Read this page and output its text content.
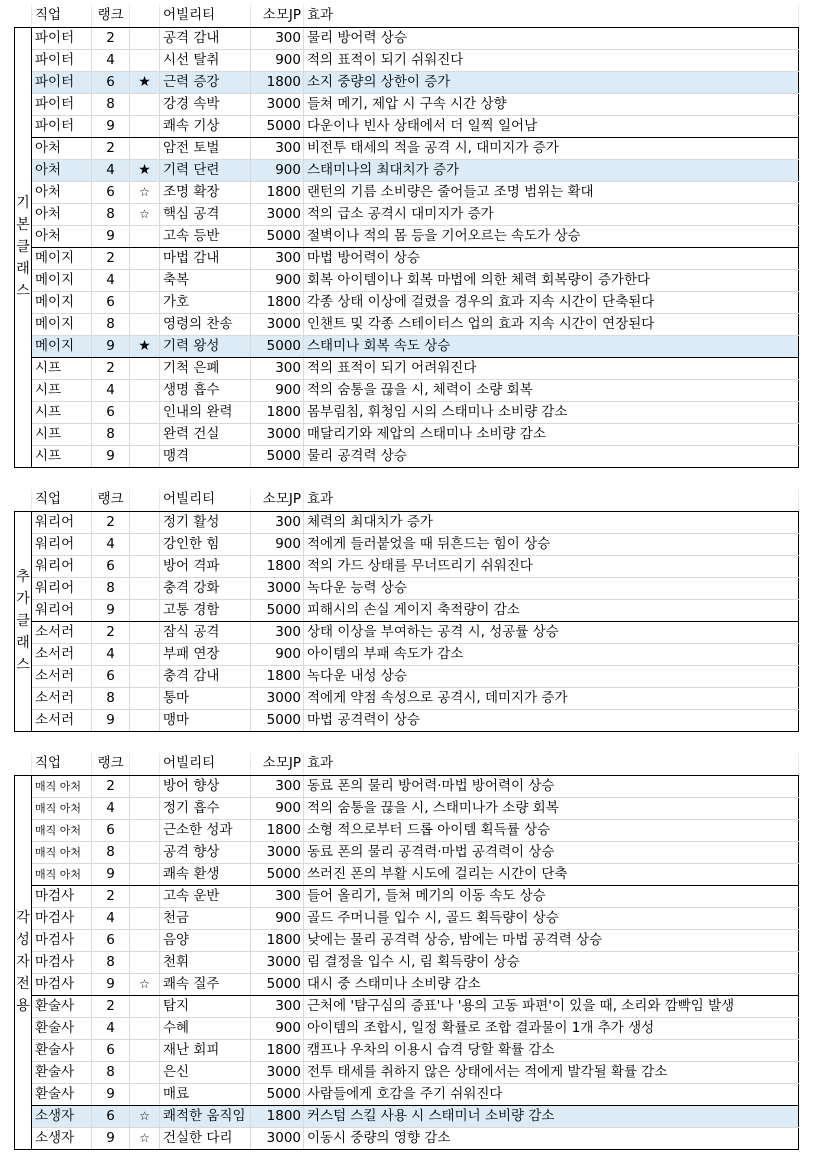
	직업	랭크		어빌리티	소모JP	효과

기
본
클
래
스	파이터	2		공격 감내	300	물리 방어력 상승
	파이터	4		시선 탈취	900	적의 표적이 되기 쉬워진다
	파이터	6	★	근력 증강	1800	소지 중량의 상한이 증가
	파이터	8		강경 속박	3000	들쳐 메기, 제압 시 구속 시간 상향
	파이터	9		쾌속 기상	5000	다운이나 빈사 상태에서 더 일찍 일어남
	아처	2		암전 토벌	300	비전투 태세의 적을 공격 시, 대미지가 증가
	아처	4	★	기력 단련	900	스태미나의 최대치가 증가
	아처	6	☆	조명 확장	1800	랜턴의 기름 소비량은 줄어들고 조명 범위는 확대
	아처	8	☆	핵심 공격	3000	적의 급소 공격시 대미지가 증가
	아처	9		고속 등반	5000	절벽이나 적의 몸 등을 기어오르는 속도가 상승
	메이지	2		마법 감내	300	마법 방어력이 상승
	메이지	4		축복	900	회복 아이템이나 회복 마법에 의한 체력 회복량이 증가한다
	메이지	6		가호	1800	각종 상태 이상에 걸렸을 경우의 효과 지속 시간이 단축된다
	메이지	8		영령의 찬송	3000	인챈트 및 각종 스테이터스 업의 효과 지속 시간이 연장된다
	메이지	9	★	기력 왕성	5000	스태미나 회복 속도 상승
	시프	2		기척 은폐	300	적의 표적이 되기 어려워진다
	시프	4		생명 흡수	900	적의 숨통을 끊을 시, 체력이 소량 회복
	시프	6		인내의 완력	1800	몸부림침, 휘청임 시의 스태미나 소비량 감소
	시프	8		완력 건실	3000	매달리기와 제압의 스태미나 소비량 감소
	시프	9		맹격	5000	물리 공격력 상승
	직업	랭크		어빌리티	소모JP	효과

추
가
클
래
스	워리어	2		정기 활성	300	체력의 최대치가 증가
	워리어	4		강인한 힘	900	적에게 들러붙었을 때 뒤흔드는 힘이 상승
	워리어	6		방어 격파	1800	적의 가드 상태를 무너뜨리기 쉬워진다
	워리어	8		충격 강화	3000	녹다운 능력 상승
	워리어	9		고통 경함	5000	피해시의 손실 게이지 축적량이 감소
	소서러	2		잠식 공격	300	상태 이상을 부여하는 공격 시, 성공률 상승
	소서러	4		부패 연장	900	아이템의 부패 속도가 감소
	소서러	6		충격 감내	1800	녹다운 내성 상승
	소서러	8		통마	3000	적에게 약점 속성으로 공격시, 데미지가 증가
	소서러	9		맹마	5000	마법 공격력이 상승
	직업	랭크		어빌리티	소모JP	효과

각
성
자
전
용	매직 아처	2		방어 향상	300	동료 폰의 물리 방어력·마법 방어력이 상승
	매직 아처	4		정기 흡수	900	적의 숨통을 끊을 시, 스태미나가 소량 회복
	매직 아처	6		근소한 성과	1800	소형 적으로부터 드롭 아이템 획득률 상승
	매직 아처	8		공격 향상	3000	동료 폰의 물리 공격력·마법 공격력이 상승
	매직 아처	9		쾌속 환생	5000	쓰러진 폰의 부활 시도에 걸리는 시간이 단축
	마검사	2		고속 운반	300	들어 올리기, 들쳐 메기의 이동 속도 상승
	마검사	4		천금	900	골드 주머니를 입수 시, 골드 획득량이 상승
	마검사	6		음양	1800	낮에는 물리 공격력 상승, 밤에는 마법 공격력 상승
	마검사	8		천휘	3000	림 결정을 입수 시, 림 획득량이 상승
	마검사	9	☆	쾌속 질주	5000	대시 중 스태미나 소비량 감소
	환술사	2		탐지	300	근처에 '탐구심의 증표'나 '용의 고동 파편'이 있을 때, 소리와 깜빡임 발생
	환술사	4		수혜	900	아이템의 조합시, 일정 확률로 조합 결과물이 1개 추가 생성
	환술사	6		재난 회피	1800	캠프나 우차의 이용시 습격 당할 확률 감소
	환술사	8		은신	3000	전투 태세를 취하지 않은 상태에서는 적에게 발각될 확률 감소
	환술사	9		매료	5000	사람들에게 호감을 주기 쉬워진다
	소생자	6	☆	쾌적한 움직임	1800	커스텀 스킬 사용 시 스태미너 소비량 감소
	소생자	9	☆	건실한 다리	3000	이동시 중량의 영향 감소
